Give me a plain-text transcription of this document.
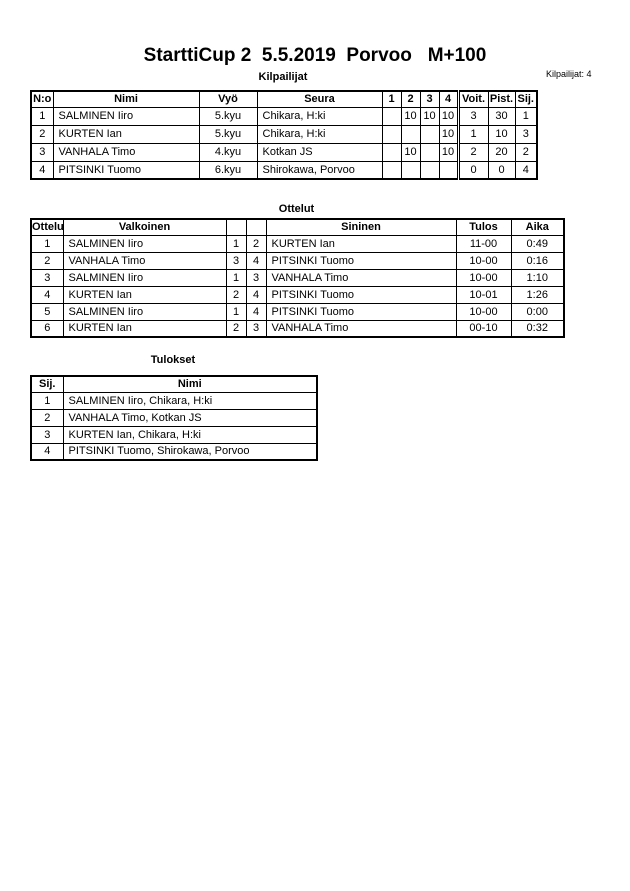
StarttiCup 2  5.5.2019  Porvoo   M+100
Kilpailijat: 4
Kilpailijat
N:o	Nimi	Vyö	Seura	1	2	3	4	Voit.	Pist.	Sij.
1	SALMINEN Iiro	5.kyu	Chikara, H:ki		10	10	10	3	30	1
2	KURTEN Ian	5.kyu	Chikara, H:ki				10	1	10	3
3	VANHALA Timo	4.kyu	Kotkan JS		10		10	2	20	2
4	PITSINKI Tuomo	6.kyu	Shirokawa, Porvoo					0	0	4
Ottelut
Ottelu	Valkoinen			Sininen	Tulos	Aika
1	SALMINEN Iiro	1	2	KURTEN Ian	11-00	0:49
2	VANHALA Timo	3	4	PITSINKI Tuomo	10-00	0:16
3	SALMINEN Iiro	1	3	VANHALA Timo	10-00	1:10
4	KURTEN Ian	2	4	PITSINKI Tuomo	10-01	1:26
5	SALMINEN Iiro	1	4	PITSINKI Tuomo	10-00	0:00
6	KURTEN Ian	2	3	VANHALA Timo	00-10	0:32
Tulokset
Sij.	Nimi
1	SALMINEN Iiro, Chikara, H:ki
2	VANHALA Timo, Kotkan JS
3	KURTEN Ian, Chikara, H:ki
4	PITSINKI Tuomo, Shirokawa, Porvoo
